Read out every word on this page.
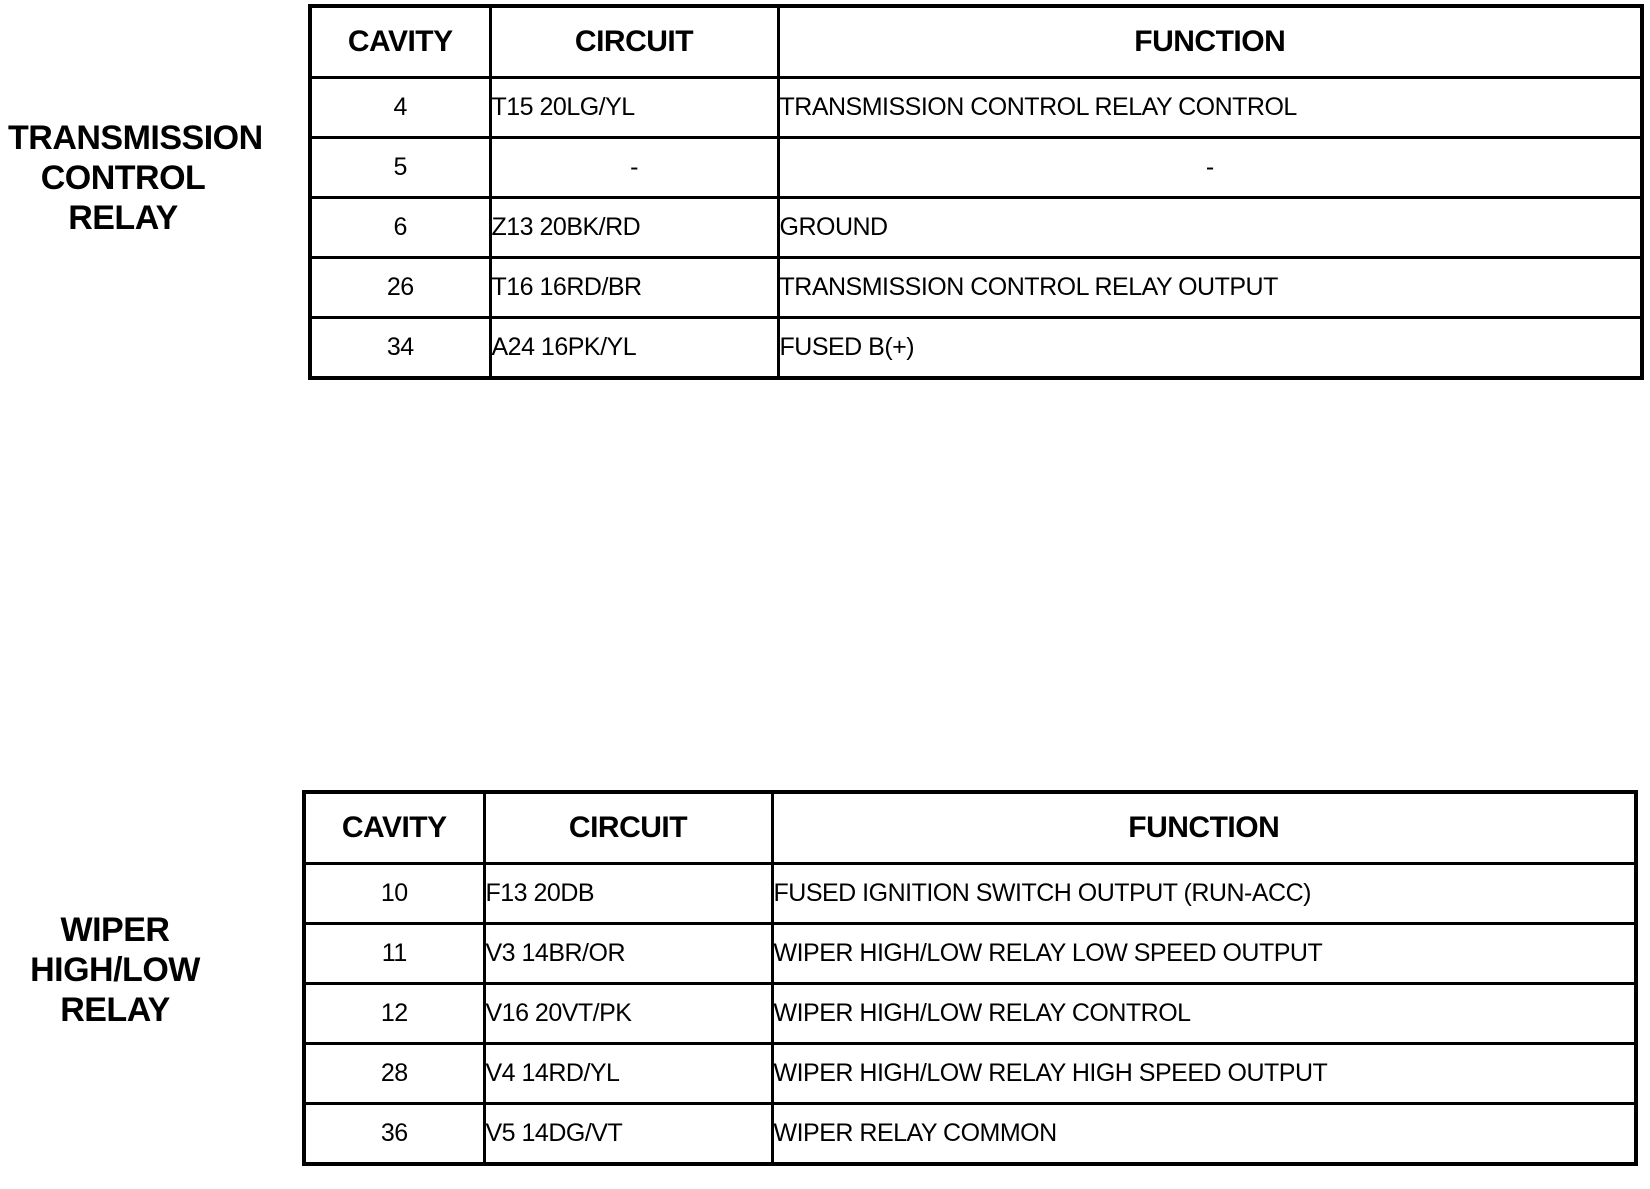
TRANSMISSION
CONTROL
RELAY
CAVITY	CIRCUIT	FUNCTION
4	T15 20LG/YL	TRANSMISSION CONTROL RELAY CONTROL
5	-	-
6	Z13 20BK/RD	GROUND
26	T16 16RD/BR	TRANSMISSION CONTROL RELAY OUTPUT
34	A24 16PK/YL	FUSED B(+)
WIPER
HIGH/LOW
RELAY
CAVITY	CIRCUIT	FUNCTION
10	F13 20DB	FUSED IGNITION SWITCH OUTPUT (RUN-ACC)
11	V3 14BR/OR	WIPER HIGH/LOW RELAY LOW SPEED OUTPUT
12	V16 20VT/PK	WIPER HIGH/LOW RELAY CONTROL
28	V4 14RD/YL	WIPER HIGH/LOW RELAY HIGH SPEED OUTPUT
36	V5 14DG/VT	WIPER RELAY COMMON
